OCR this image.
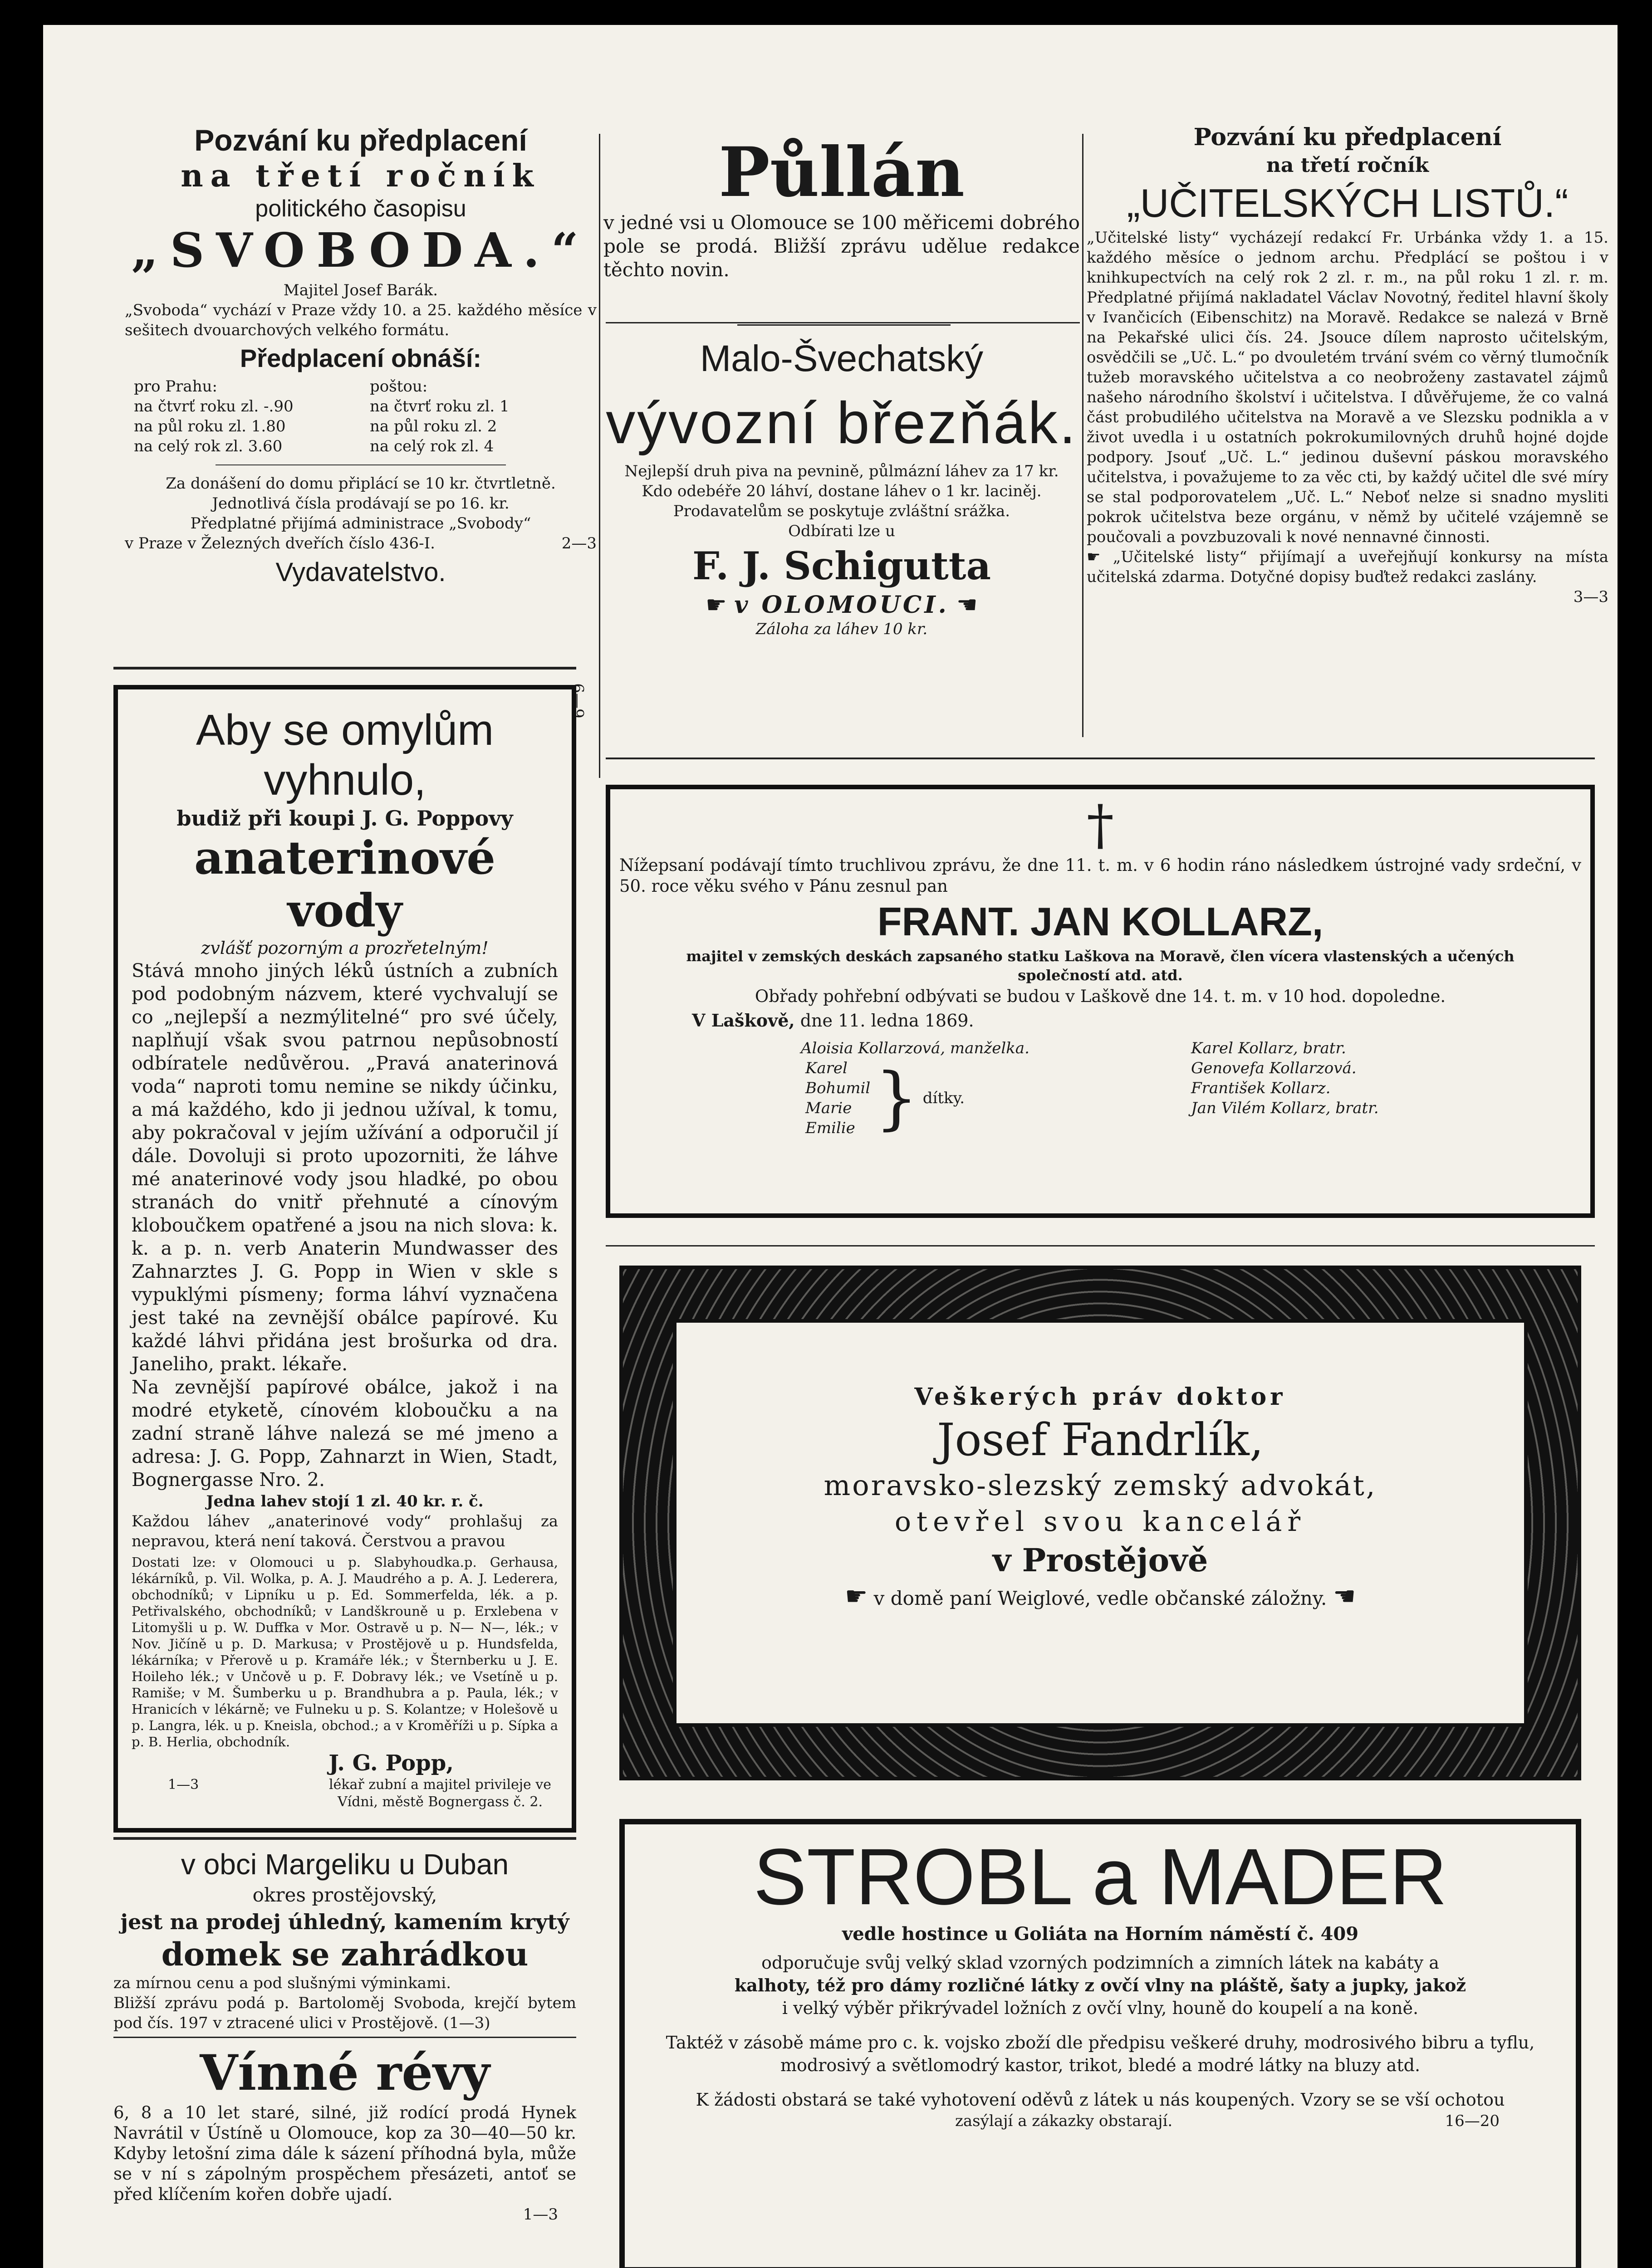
Pozvání ku předplacení

na třetí ročník

politického časopisu

„SVOBODA.“

Majitel Josef Barák.

„Svoboda“ vychází v Praze vždy 10. a 25. každého měsíce v sešitech dvouarchových velkého formátu.

Předplacení obnáší:

pro Prahu:	poštou:
na čtvrť roku zl. -.90	na čtvrť roku zl. 1
na půl roku zl. 1.80	na půl roku zl. 2
na celý rok zl. 3.60	na celý rok zl. 4

Za donášení do domu připlácí se 10 kr. čtvrtletně.

Jednotlivá čísla prodávají se po 16. kr.

Předplatné přijímá administrace „Svobody“

v Praze v Železných dveřích číslo 436-I.	2—3

Vydavatelstvo.

Půllán

v jedné vsi u Olomouce se 100 měřicemi dobrého pole se prodá. Bližší zprávu udělue redakce těchto novin.

Malo-Švechatský

vývozní březňák.

Nejlepší druh piva na pevnině, půlmázní láhev za 17 kr.

Kdo odebéře 20 láhví, dostane láhev o 1 kr. laciněj.

Prodavatelům se poskytuje zvláštní srážka.

Odbírati lze u

F. J. Schigutta

☛ v OLOMOUCI. ☛

Záloha za láhev 10 kr.

6—9

Pozvání ku předplacení

na třetí ročník

„UČITELSKÝCH LISTŮ.“

„Učitelské listy“ vycházejí redakcí Fr. Urbánka vždy 1. a 15. každého měsíce o jednom archu. Předplácí se poštou i v knihkupectvích na celý rok 2 zl. r. m., na půl roku 1 zl. r. m. Předplatné přijímá nakladatel Václav Novotný, ředitel hlavní školy v Ivančicích (Eibenschitz) na Moravě. Redakce se nalezá v Brně na Pekařské ulici čís. 24. Jsouce dílem naprosto učitelským, osvědčili se „Uč. L.“ po dvouletém trvání svém co věrný tlumočník tužeb moravského učitelstva a co neobroženy zastavatel zájmů našeho národního školství i učitelstva. I důvěřujeme, že co valná část probudilého učitelstva na Moravě a ve Slezsku podnikla a v život uvedla i u ostatních pokrokumilovných druhů hojné dojde podpory. Jsouť „Uč. L.“ jedinou duševní páskou moravského učitelstva, i považujeme to za věc cti, by každý učitel dle své míry se stal podporovatelem „Uč. L.“ Neboť nelze si snadno mysliti pokrok učitelstva beze orgánu, v němž by učitelé vzájemně se poučovali a povzbuzovali k nové nennavné činnosti.

☛ „Učitelské listy“ přijímají a uveřejňují konkursy na místa učitelská zdarma. Dotyčné dopisy buďtež redakci zaslány.

3—3

Aby se omylům vyhnulo,

budiž při koupi J. G. Poppovy

anaterinové vody

zvlášť pozorným a prozřetelným!

Stává mnoho jiných léků ústních a zubních pod podobným názvem, které vychvalují se co „nejlepší a nezmýlitelné“ pro své účely, naplňují však svou patrnou nepůsobností odbíratele nedůvěrou. „Pravá anaterinová voda“ naproti tomu nemine se nikdy účinku, a má každého, kdo ji jednou užíval, k tomu, aby pokračoval v jejím užívání a odporučil jí dále. Dovoluji si proto upozorniti, že láhve mé anaterinové vody jsou hladké, po obou stranách do vnitř přehnuté a cínovým kloboučkem opatřené a jsou na nich slova: k. k. a p. n. verb Anaterin Mundwasser des Zahnarztes J. G. Popp in Wien v skle s vypuklými písmeny; forma láhví vyznačena jest také na zevnější obálce papírové. Ku každé láhvi přidána jest brošurka od dra. Janeliho, prakt. lékaře.

Na zevnější papírové obálce, jakož i na modré etyketě, cínovém kloboučku a na zadní straně láhve nalezá se mé jmeno a adresa: J. G. Popp, Zahnarzt in Wien, Stadt, Bognergasse Nro. 2.

Jedna lahev stojí 1 zl. 40 kr. r. č.

Každou láhev „anaterinové vody“ prohlašuj za nepravou, která není taková. Čerstvou a pravou

Dostati lze: v Olomouci u p. Slabyhoudka.p. Gerhausa, lékárníků, p. Vil. Wolka, p. A. J. Maudrého a p. A. J. Lederera, obchodníků; v Lipníku u p. Ed. Sommerfelda, lék. a p. Petřivalského, obchodníků; v Landškrouně u p. Erxlebena v Litomyšli u p. W. Duffka v Mor. Ostravě u p. N— N—, lék.; v Nov. Jičíně u p. D. Markusa; v Prostějově u p. Hundsfelda, lékárníka; v Přerově u p. Kramáře lék.; v Šternberku u J. E. Hoileho lék.; v Unčově u p. F. Dobravy lék.; ve Vsetíně u p. Ramiše; v M. Šumberku u p. Brandhubra a p. Paula, lék.; v Hranicích v lékárně; ve Fulneku u p. S. Kolantze; v Holešově u p. Langra, lék. u p. Kneisla, obchod.; a v Kroměříži u p. Sípka a p. B. Herlia, obchodník.

J. G. Popp,

1—3	lékař zubní a majitel privileje ve Vídni, městě Bognergass č. 2.

†

Nížepsaní podávají tímto truchlivou zprávu, že dne 11. t. m. v 6 hodin ráno následkem ústrojné vady srdeční, v 50. roce věku svého v Pánu zesnul pan

FRANT. JAN KOLLARZ,

majitel v zemských deskách zapsaného statku Laškova na Moravě, člen vícera vlastenských a učených společností atd. atd.

Obřady pohřební odbývati se budou v Laškově dne 14. t. m. v 10 hod. dopoledne.

V Laškově, dne 11. ledna 1869.

Aloisia Kollarzová, manželka.

Karel

Bohumil

Marie

Emilie } dítky.

Karel Kollarz, bratr.

Genovefa Kollarzová.

František Kollarz.

Jan Vilém Kollarz, bratr.

Veškerých práv doktor

Josef Fandrlík,

moravsko-slezský zemský advokát,

otevřel svou kancelář

v Prostějově

☛ v domě paní Weiglové, vedle občanské záložny. ☛

v obci Margeliku u Duban

okres prostějovský,

jest na prodej úhledný, kamením krytý

domek se zahrádkou

za mírnou cenu a pod slušnými výminkami.

Bližší zprávu podá p. Bartoloměj Svoboda, krejčí bytem pod čís. 197 v ztracené ulici v Prostějově. (1—3)

Vínné révy

6, 8 a 10 let staré, silné, již rodící prodá Hynek Navrátil v Ústíně u Olomouce, kop za 30—40—50 kr. Kdyby letošní zima dále k sázení příhodná byla, může se v ní s zápolným prospěchem přesázeti, antoť se před klíčením kořen dobře ujadí.

1—3

STROBL a MADER

vedle hostince u Goliáta na Horním náměstí č. 409

odporučuje svůj velký sklad vzorných podzimních a zimních látek na kabáty a

kalhoty, též pro dámy rozličné látky z ovčí vlny na pláště, šaty a jupky, jakož

i velký výběr přikrývadel ložních z ovčí vlny, houně do koupelí a na koně.

Taktéž v zásobě máme pro c. k. vojsko zboží dle předpisu veškeré druhy, modrosivého bibru a tyflu, modrosivý a světlomodrý kastor, trikot, bledé a modré látky na bluzy atd.

K žádosti obstará se také vyhotovení oděvů z látek u nás koupených. Vzory se se vší ochotou

zasýlají a zákazky obstarají.	16—20
